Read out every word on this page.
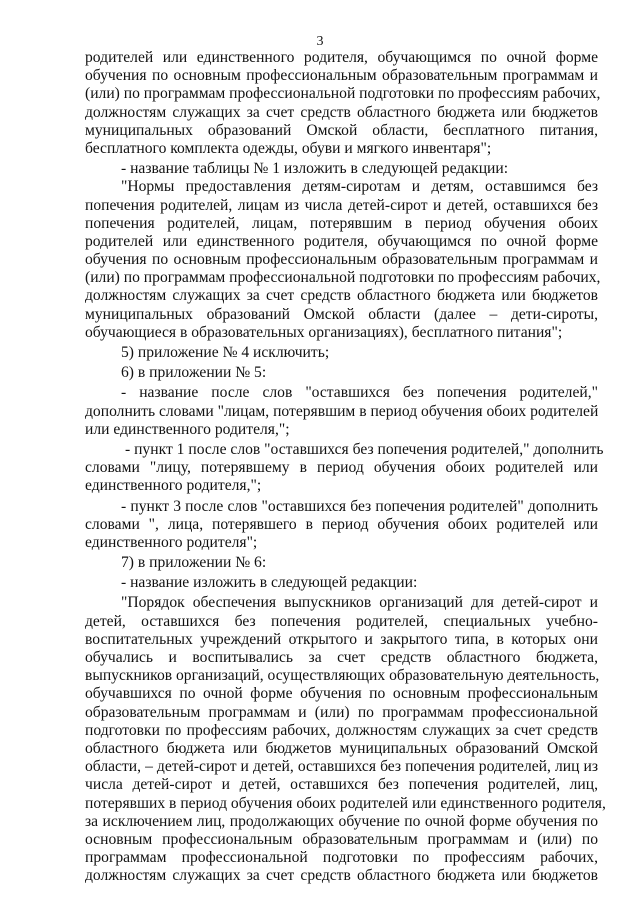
3
родителей или единственного родителя, обучающимся по очной форме
обучения по основным профессиональным образовательным программам и
(или) по программам профессиональной подготовки по профессиям рабочих,
должностям служащих за счет средств областного бюджета или бюджетов
муниципальных образований Омской области, бесплатного питания,
бесплатного комплекта одежды, обуви и мягкого инвентаря";
- название таблицы № 1 изложить в следующей редакции:
"Нормы предоставления детям-сиротам и детям, оставшимся без
попечения родителей, лицам из числа детей-сирот и детей, оставшихся без
попечения родителей, лицам, потерявшим в период обучения обоих
родителей или единственного родителя, обучающимся по очной форме
обучения по основным профессиональным образовательным программам и
(или) по программам профессиональной подготовки по профессиям рабочих,
должностям служащих за счет средств областного бюджета или бюджетов
муниципальных образований Омской области (далее – дети-сироты,
обучающиеся в образовательных организациях), бесплатного питания";
5) приложение № 4 исключить;
6) в приложении № 5:
- название после слов "оставшихся без попечения родителей,"
дополнить словами "лицам, потерявшим в период обучения обоих родителей
или единственного родителя,";
- пункт 1 после слов "оставшихся без попечения родителей," дополнить
словами "лицу, потерявшему в период обучения обоих родителей или
единственного родителя,";
- пункт 3 после слов "оставшихся без попечения родителей" дополнить
словами ", лица, потерявшего в период обучения обоих родителей или
единственного родителя";
7) в приложении № 6:
- название изложить в следующей редакции:
"Порядок обеспечения выпускников организаций для детей-сирот и
детей, оставшихся без попечения родителей, специальных учебно-
воспитательных учреждений открытого и закрытого типа, в которых они
обучались и воспитывались за счет средств областного бюджета,
выпускников организаций, осуществляющих образовательную деятельность,
обучавшихся по очной форме обучения по основным профессиональным
образовательным программам и (или) по программам профессиональной
подготовки по профессиям рабочих, должностям служащих за счет средств
областного бюджета или бюджетов муниципальных образований Омской
области, – детей-сирот и детей, оставшихся без попечения родителей, лиц из
числа детей-сирот и детей, оставшихся без попечения родителей, лиц,
потерявших в период обучения обоих родителей или единственного родителя,
за исключением лиц, продолжающих обучение по очной форме обучения по
основным профессиональным образовательным программам и (или) по
программам профессиональной подготовки по профессиям рабочих,
должностям служащих за счет средств областного бюджета или бюджетов
